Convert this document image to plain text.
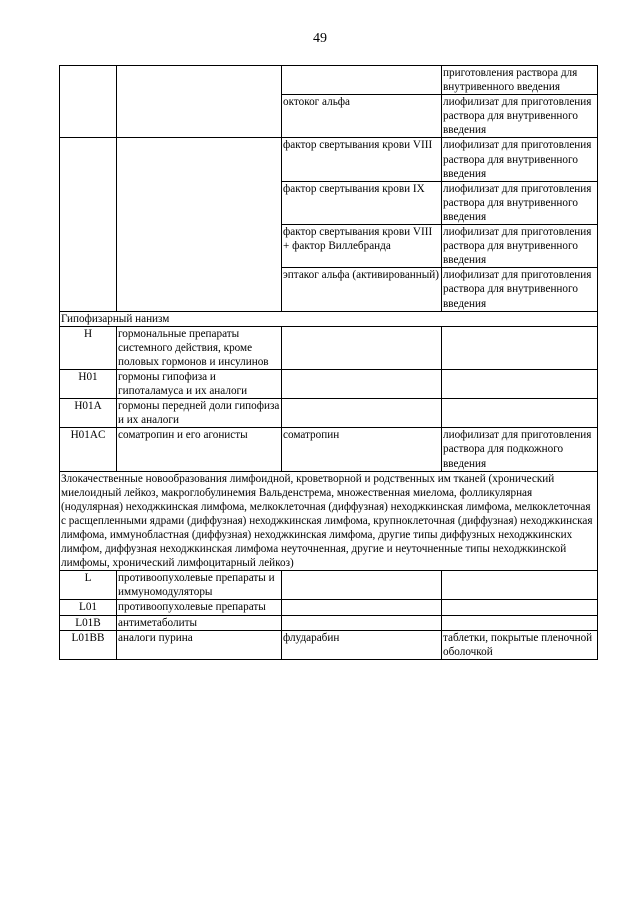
49
			приготовления раствора для внутривенного введения
		октоког альфа	лиофилизат для приготовления раствора для внутривенного введения
		фактор свертывания крови VIII	лиофилизат для приготовления раствора для внутривенного введения
		фактор свертывания крови IX	лиофилизат для приготовления раствора для внутривенного введения
		фактор свертывания крови VIII + фактор Виллебранда	лиофилизат для приготовления раствора для внутривенного введения
		эптаког альфа (активированный)	лиофилизат для приготовления раствора для внутривенного введения
Гипофизарный нанизм			
H	гормональные препараты системного действия, кроме половых гормонов и инсулинов		
H01	гормоны гипофиза и гипоталамуса и их аналоги		
H01A	гормоны передней доли гипофиза и их аналоги		
H01AC	соматропин и его агонисты	соматропин	лиофилизат для приготовления раствора для подкожного введения
Злокачественные новообразования лимфоидной, кроветворной и родственных им тканей (хронический миелоидный лейкоз, макроглобулинемия Вальденстрема, множественная миелома, фолликулярная (нодулярная) неходжкинская лимфома, мелкоклеточная (диффузная) неходжкинская лимфома, мелкоклеточная с расщепленными ядрами (диффузная) неходжкинская лимфома, крупноклеточная (диффузная) неходжкинская лимфома, иммунобластная (диффузная) неходжкинская лимфома, другие типы диффузных неходжкинских лимфом, диффузная неходжкинская лимфома неуточненная, другие и неуточненные типы неходжкинской лимфомы, хронический лимфоцитарный лейкоз)			
L	противоопухолевые препараты и иммуномодуляторы		
L01	противоопухолевые препараты		
L01B	антиметаболиты		
L01BB	аналоги пурина	флударабин	таблетки, покрытые пленочной оболочкой
